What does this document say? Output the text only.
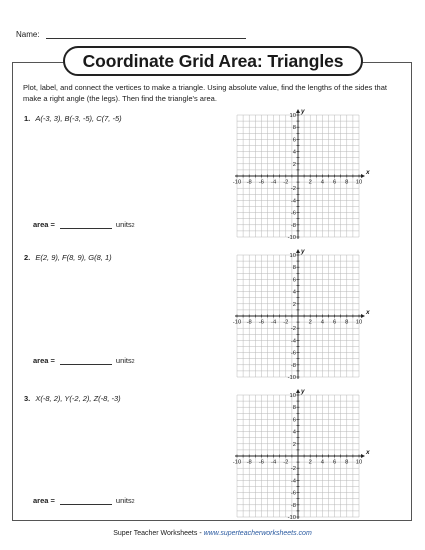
Name:
Coordinate Grid Area: Triangles
Plot, label, and connect the vertices to make a triangle. Using absolute value, find the lengths of the sides that make a right angle (the legs). Then find the triangle's area.
1. A(-3, 3), B(-3, -5), C(7, -5)
area =	units$_2$
-10 -8 -6 -4 -2	2 4 6 8 10
10
8
6
4
2
-2
-4
-6
-8
-10
x
y
2. E(2, 9), F(8, 9), G(8, 1)
area =	units$_2$
-10 -8 -6 -4 -2	2 4 6 8 10
10
8
6
4
2
-2
-4
-6
-8
-10
x
y
3. X(-8, 2), Y(-2, 2), Z(-8, -3)
area =	units$_2$
-10 -8 -6 -4 -2	2 4 6 8 10
10
8
6
4
2
-2
-4
-6
-8
-10
x
y
Super Teacher Worksheets - www.superteacherworksheets.com
